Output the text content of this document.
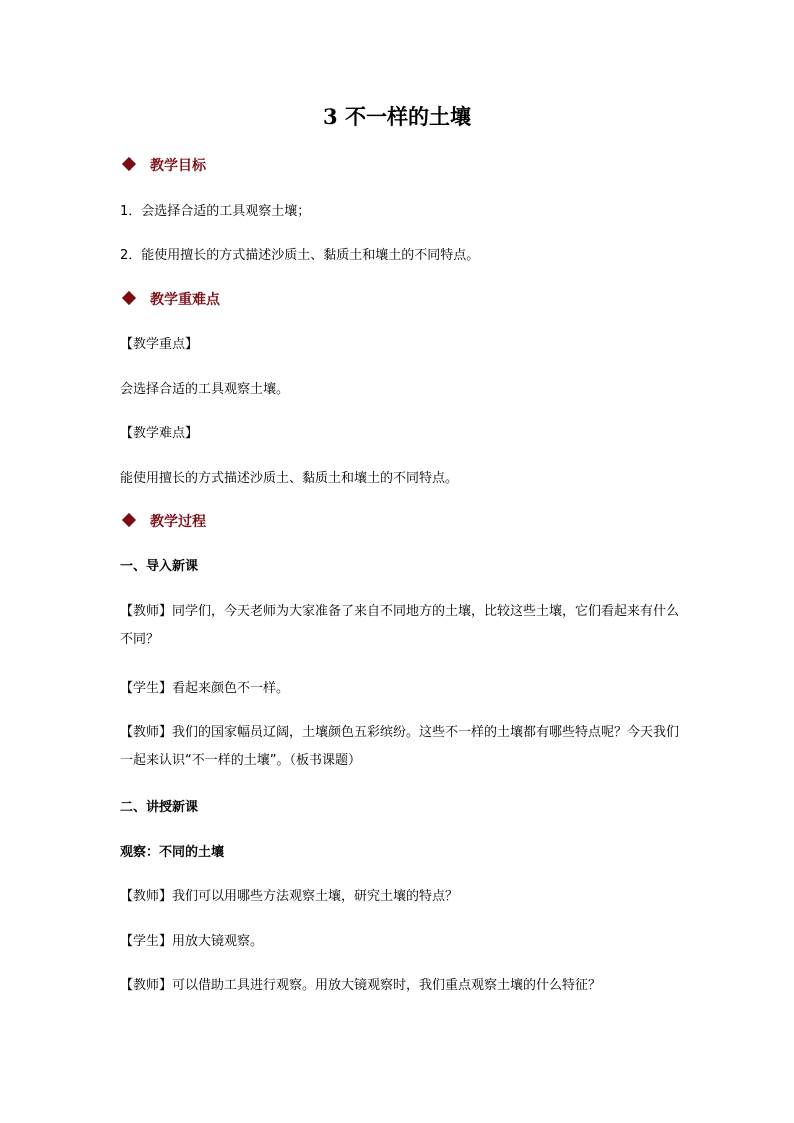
3 不一样的土壤
教学目标
1．会选择合适的工具观察土壤；
2．能使用擅长的方式描述沙质土、黏质土和壤土的不同特点。
教学重难点
【教学重点】
会选择合适的工具观察土壤。
【教学难点】
能使用擅长的方式描述沙质土、黏质土和壤土的不同特点。
教学过程
一、导入新课
【教师】同学们，今天老师为大家准备了来自不同地方的土壤，比较这些土壤，它们看起来有什么不同？
【学生】看起来颜色不一样。
【教师】我们的国家幅员辽阔，土壤颜色五彩缤纷。这些不一样的土壤都有哪些特点呢？今天我们一起来认识“不一样的土壤”。（板书课题）
二、讲授新课
观察：不同的土壤
【教师】我们可以用哪些方法观察土壤，研究土壤的特点？
【学生】用放大镜观察。
【教师】可以借助工具进行观察。用放大镜观察时，我们重点观察土壤的什么特征？
